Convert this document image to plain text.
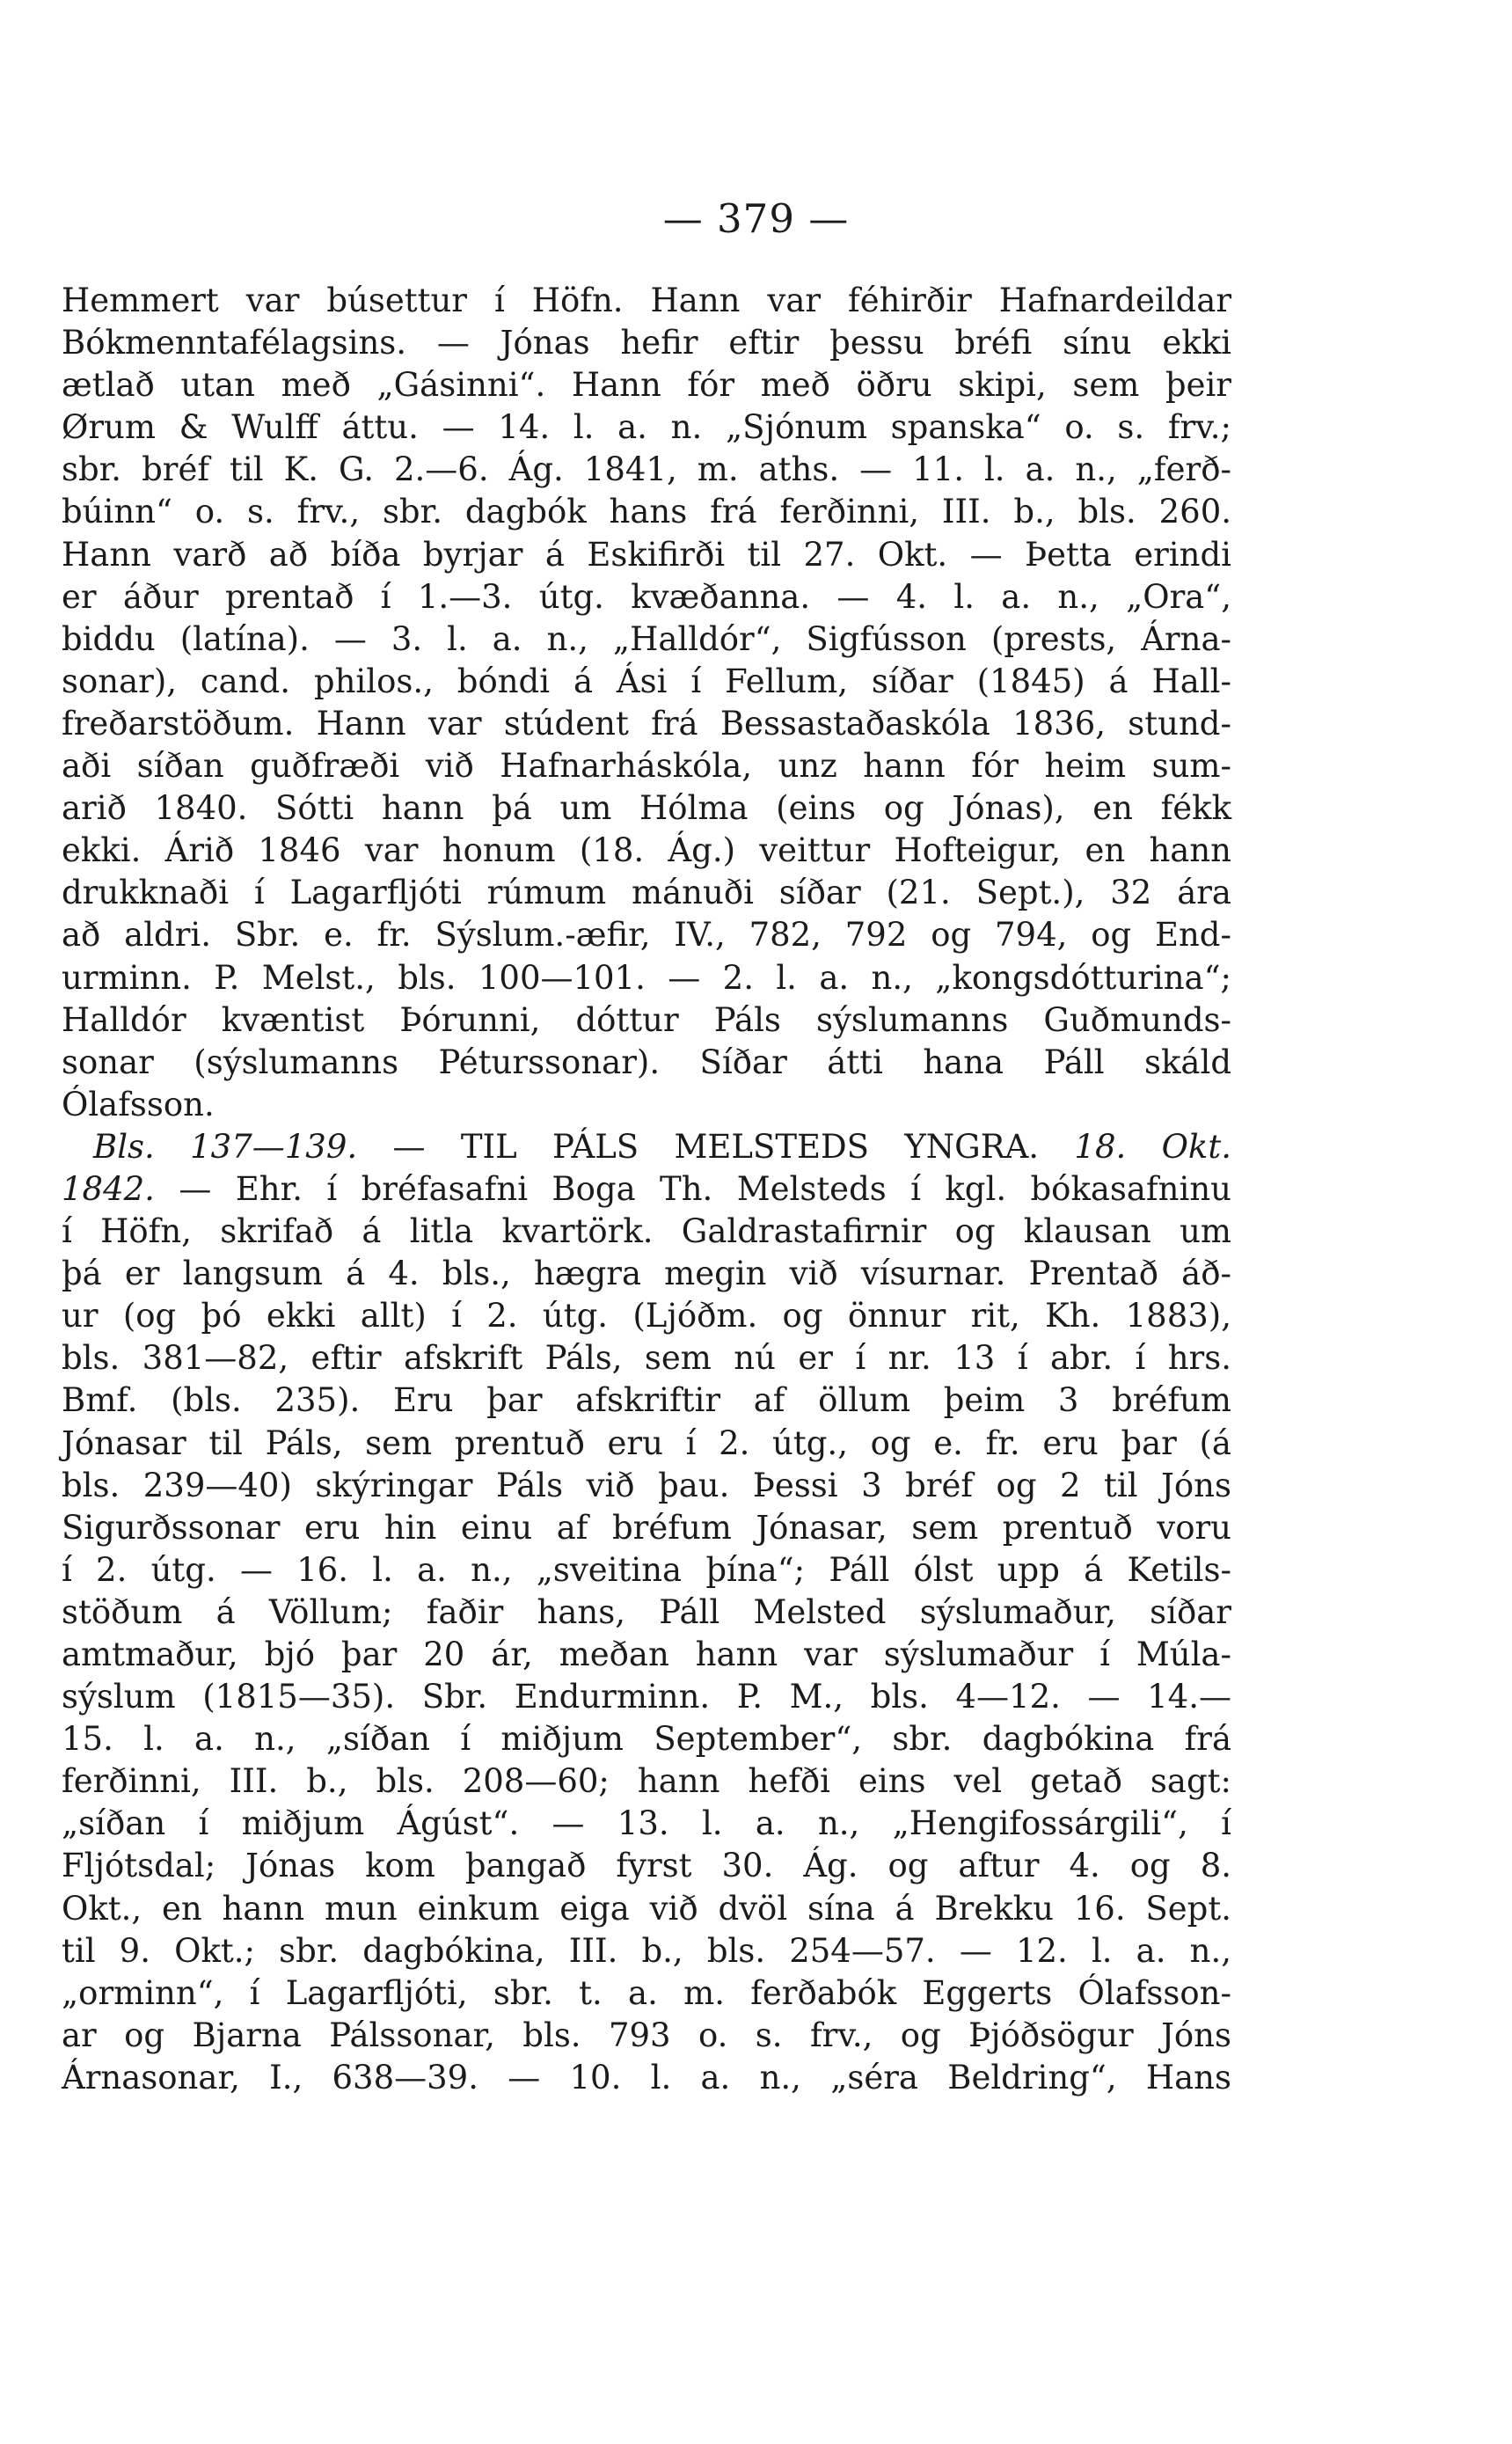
— 379 —
Hemmert var búsettur í Höfn. Hann var féhirðir Hafnardeildar
Bókmenntafélagsins. — Jónas hefir eftir þessu bréfi sínu ekki
ætlað utan með „Gásinni“. Hann fór með öðru skipi, sem þeir
Ørum & Wulff áttu. — 14. l. a. n. „Sjónum spanska“ o. s. frv.;
sbr. bréf til K. G. 2.—6. Ág. 1841, m. aths. — 11. l. a. n., „ferð-
búinn“ o. s. frv., sbr. dagbók hans frá ferðinni, III. b., bls. 260.
Hann varð að bíða byrjar á Eskifirði til 27. Okt. — Þetta erindi
er áður prentað í 1.—3. útg. kvæðanna. — 4. l. a. n., „Ora“,
biddu (latína). — 3. l. a. n., „Halldór“, Sigfússon (prests, Árna-
sonar), cand. philos., bóndi á Ási í Fellum, síðar (1845) á Hall-
freðarstöðum. Hann var stúdent frá Bessastaðaskóla 1836, stund-
aði síðan guðfræði við Hafnarháskóla, unz hann fór heim sum-
arið 1840. Sótti hann þá um Hólma (eins og Jónas), en fékk
ekki. Árið 1846 var honum (18. Ág.) veittur Hofteigur, en hann
drukknaði í Lagarfljóti rúmum mánuði síðar (21. Sept.), 32 ára
að aldri. Sbr. e. fr. Sýslum.-æfir, IV., 782, 792 og 794, og End-
urminn. P. Melst., bls. 100—101. — 2. l. a. n., „kongsdótturina“;
Halldór kvæntist Þórunni, dóttur Páls sýslumanns Guðmunds-
sonar (sýslumanns Péturssonar). Síðar átti hana Páll skáld
Ólafsson.
Bls. 137—139. — TIL PÁLS MELSTEDS YNGRA. 18. Okt.
1842. — Ehr. í bréfasafni Boga Th. Melsteds í kgl. bókasafninu
í Höfn, skrifað á litla kvartörk. Galdrastafirnir og klausan um
þá er langsum á 4. bls., hægra megin við vísurnar. Prentað áð-
ur (og þó ekki allt) í 2. útg. (Ljóðm. og önnur rit, Kh. 1883),
bls. 381—82, eftir afskrift Páls, sem nú er í nr. 13 í abr. í hrs.
Bmf. (bls. 235). Eru þar afskriftir af öllum þeim 3 bréfum
Jónasar til Páls, sem prentuð eru í 2. útg., og e. fr. eru þar (á
bls. 239—40) skýringar Páls við þau. Þessi 3 bréf og 2 til Jóns
Sigurðssonar eru hin einu af bréfum Jónasar, sem prentuð voru
í 2. útg. — 16. l. a. n., „sveitina þína“; Páll ólst upp á Ketils-
stöðum á Völlum; faðir hans, Páll Melsted sýslumaður, síðar
amtmaður, bjó þar 20 ár, meðan hann var sýslumaður í Múla-
sýslum (1815—35). Sbr. Endurminn. P. M., bls. 4—12. — 14.—
15. l. a. n., „síðan í miðjum September“, sbr. dagbókina frá
ferðinni, III. b., bls. 208—60; hann hefði eins vel getað sagt:
„síðan í miðjum Ágúst“. — 13. l. a. n., „Hengifossárgili“, í
Fljótsdal; Jónas kom þangað fyrst 30. Ág. og aftur 4. og 8.
Okt., en hann mun einkum eiga við dvöl sína á Brekku 16. Sept.
til 9. Okt.; sbr. dagbókina, III. b., bls. 254—57. — 12. l. a. n.,
„orminn“, í Lagarfljóti, sbr. t. a. m. ferðabók Eggerts Ólafsson-
ar og Bjarna Pálssonar, bls. 793 o. s. frv., og Þjóðsögur Jóns
Árnasonar, I., 638—39. — 10. l. a. n., „séra Beldring“, Hans
